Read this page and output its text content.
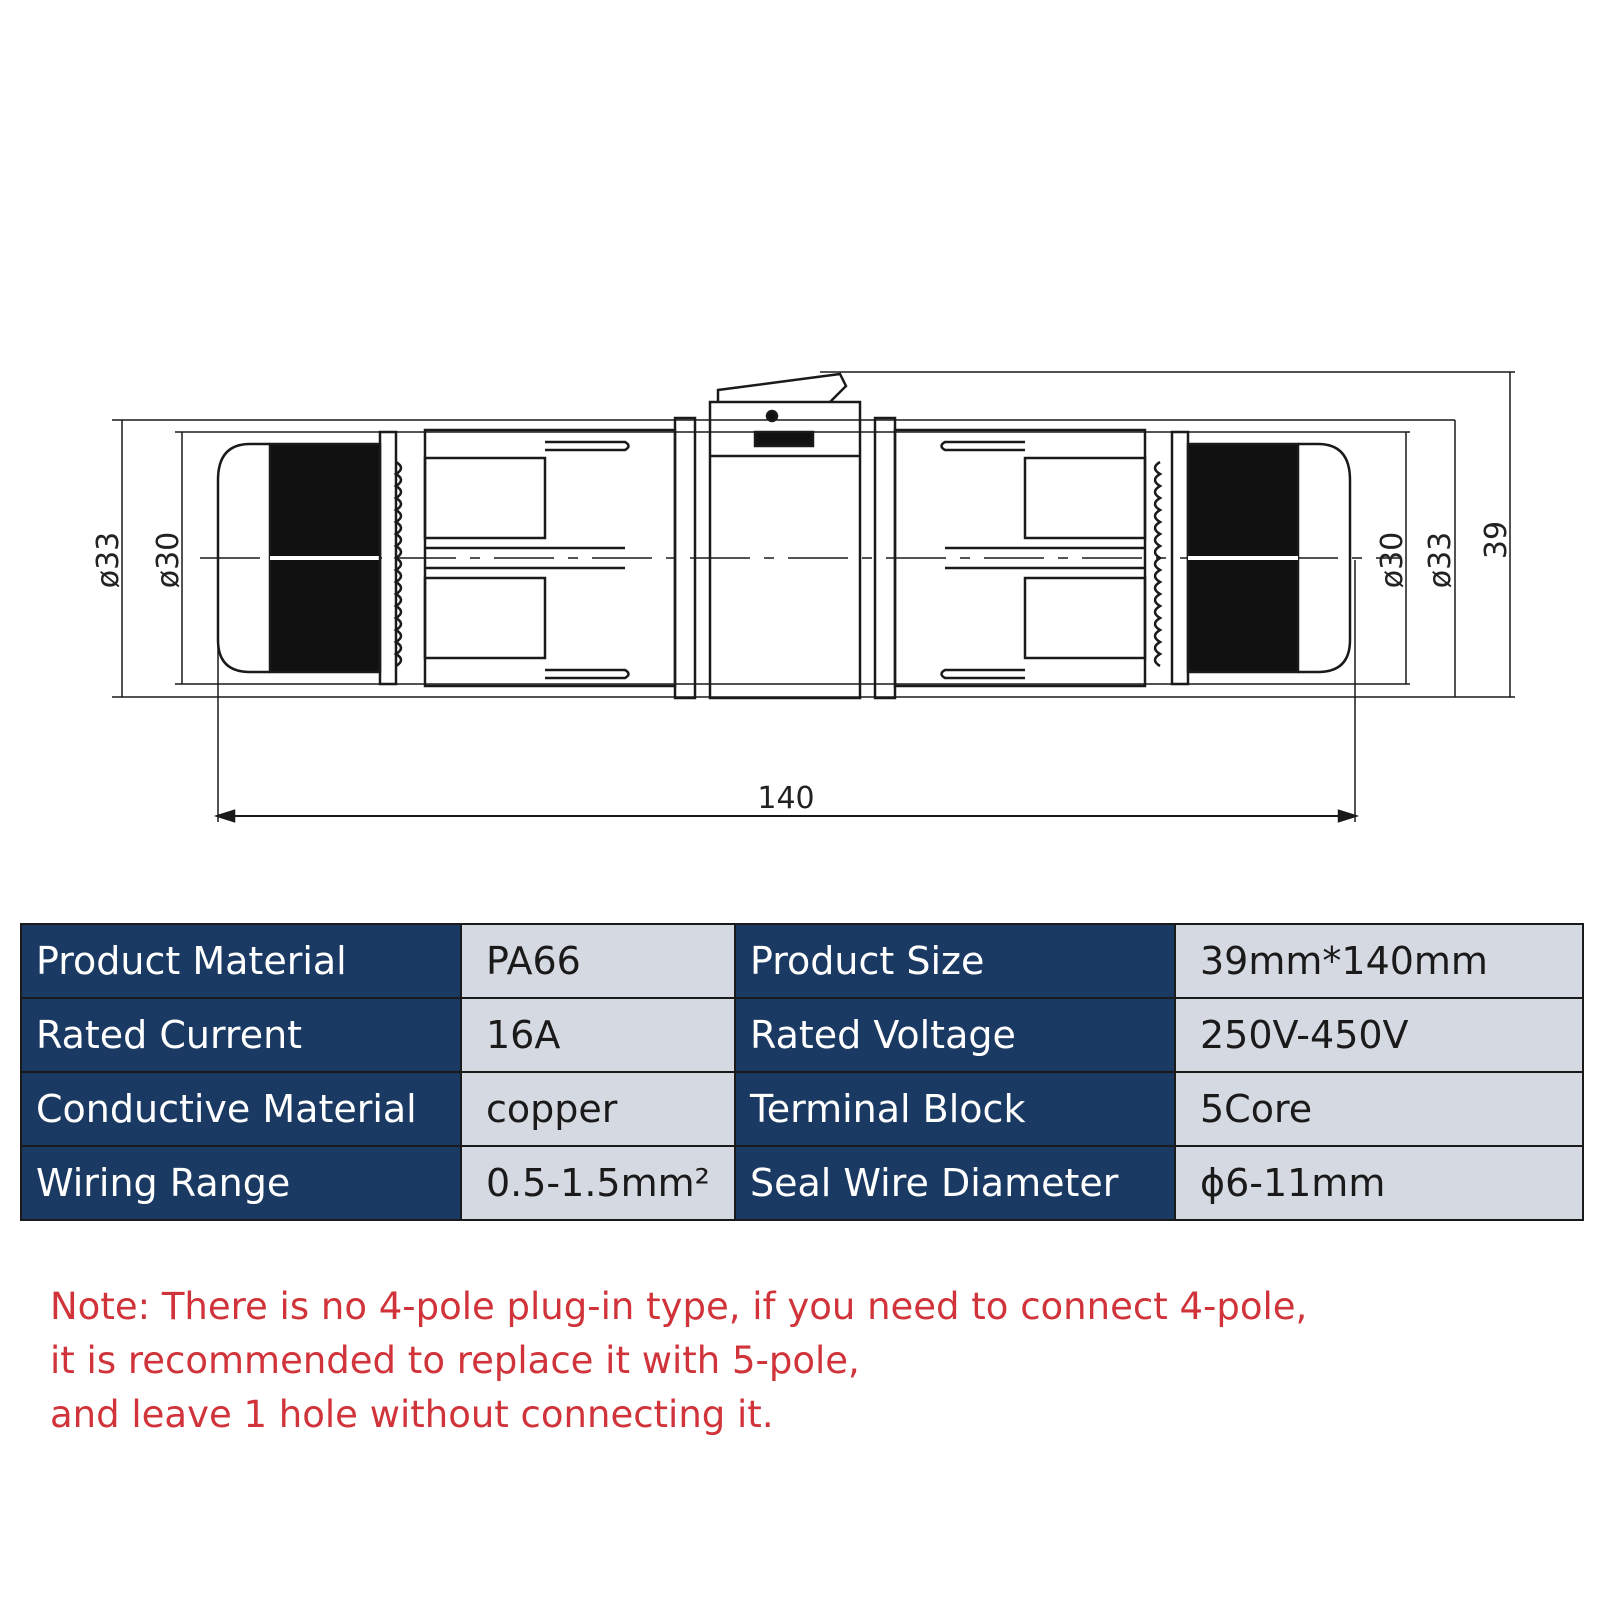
ø33 ø30	ø30 ø33 39
140
Product Material	PA66	Product Size	39mm*140mm
Rated Current	16A	Rated Voltage	250V-450V
Conductive Material	copper	Terminal Block	5Core
Wiring Range	0.5-1.5mm²	Seal Wire Diameter	ϕ6-11mm
Note: There is no 4-pole plug-in type, if you need to connect 4-pole,
it is recommended to replace it with 5-pole,
and leave 1 hole without connecting it.
